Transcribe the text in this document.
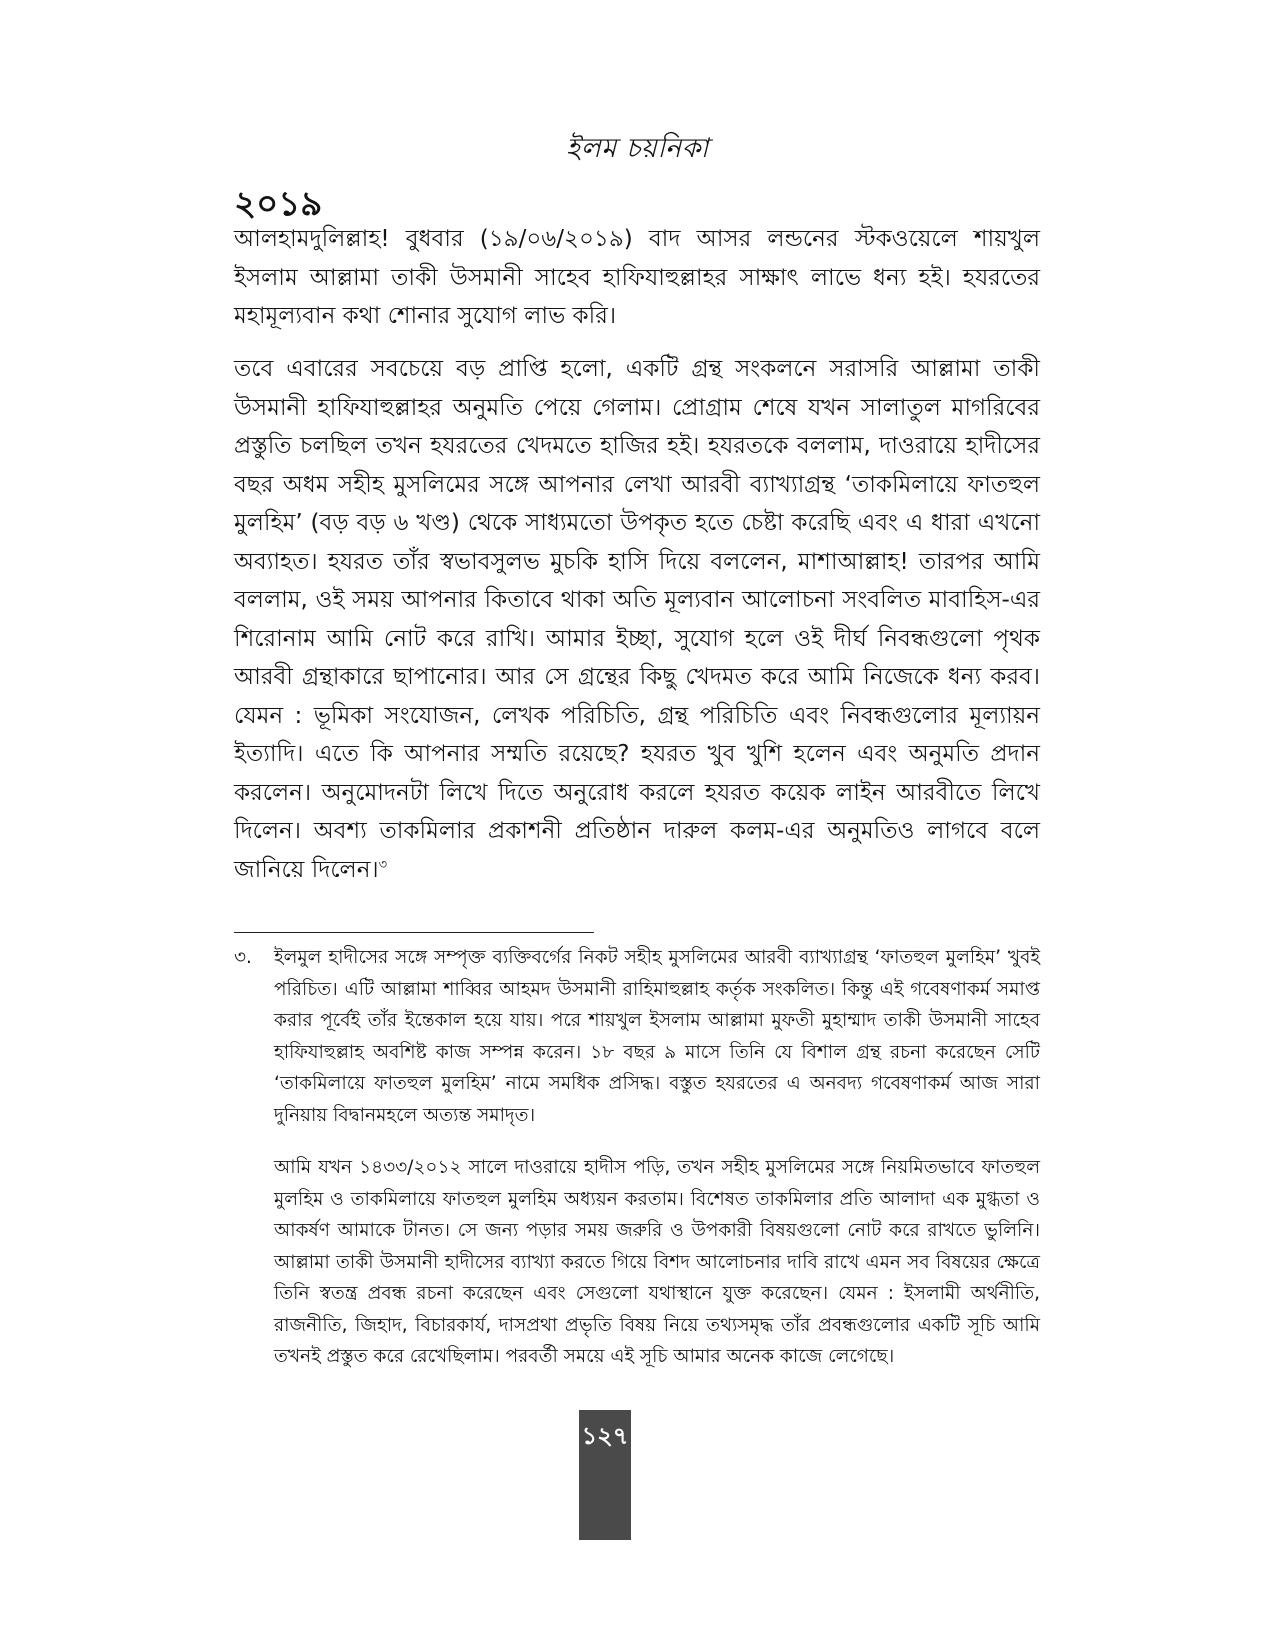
ইলম চয়নিকা
২০১৯

আলহামদুলিল্লাহ! বুধবার (১৯/০৬/২০১৯) বাদ আসর লন্ডনের স্টকওয়েলে শায়খুল ইসলাম আল্লামা তাকী উসমানী সাহেব হাফিযাহুল্লাহর সাক্ষাৎ লাভে ধন্য হই। হযরতের মহামূল্যবান কথা শোনার সুযোগ লাভ করি।

তবে এবারের সবচেয়ে বড় প্রাপ্তি হলো, একটি গ্রন্থ সংকলনে সরাসরি আল্লামা তাকী উসমানী হাফিযাহুল্লাহর অনুমতি পেয়ে গেলাম। প্রোগ্রাম শেষে যখন সালাতুল মাগরিবের প্রস্তুতি চলছিল তখন হযরতের খেদমতে হাজির হই। হযরতকে বললাম, দাওরায়ে হাদীসের বছর অধম সহীহ মুসলিমের সঙ্গে আপনার লেখা আরবী ব্যাখ্যাগ্রন্থ ‘তাকমিলায়ে ফাতহুল মুলহিম’ (বড় বড় ৬ খণ্ড) থেকে সাধ্যমতো উপকৃত হতে চেষ্টা করেছি এবং এ ধারা এখনো অব্যাহত। হযরত তাঁর স্বভাবসুলভ মুচকি হাসি দিয়ে বললেন, মাশাআল্লাহ! তারপর আমি বললাম, ওই সময় আপনার কিতাবে থাকা অতি মূল্যবান আলোচনা সংবলিত মাবাহিস-এর শিরোনাম আমি নোট করে রাখি। আমার ইচ্ছা, সুযোগ হলে ওই দীর্ঘ নিবন্ধগুলো পৃথক আরবী গ্রন্থাকারে ছাপানোর। আর সে গ্রন্থের কিছু খেদমত করে আমি নিজেকে ধন্য করব। যেমন : ভূমিকা সংযোজন, লেখক পরিচিতি, গ্রন্থ পরিচিতি এবং নিবন্ধগুলোর মূল্যায়ন ইত্যাদি। এতে কি আপনার সম্মতি রয়েছে? হযরত খুব খুশি হলেন এবং অনুমতি প্রদান করলেন। অনুমোদনটা লিখে দিতে অনুরোধ করলে হযরত কয়েক লাইন আরবীতে লিখে দিলেন। অবশ্য তাকমিলার প্রকাশনী প্রতিষ্ঠান দারুল কলম-এর অনুমতিও লাগবে বলে জানিয়ে দিলেন।$^৩$

৩. ইলমুল হাদীসের সঙ্গে সম্পৃক্ত ব্যক্তিবর্গের নিকট সহীহ মুসলিমের আরবী ব্যাখ্যাগ্রন্থ ‘ফাতহুল মুলহিম’ খুবই পরিচিত। এটি আল্লামা শাব্বির আহমদ উসমানী রাহিমাহুল্লাহ কর্তৃক সংকলিত। কিন্তু এই গবেষণাকর্ম সমাপ্ত করার পূর্বেই তাঁর ইন্তেকাল হয়ে যায়। পরে শায়খুল ইসলাম আল্লামা মুফতী মুহাম্মাদ তাকী উসমানী সাহেব হাফিযাহুল্লাহ অবশিষ্ট কাজ সম্পন্ন করেন। ১৮ বছর ৯ মাসে তিনি যে বিশাল গ্রন্থ রচনা করেছেন সেটি ‘তাকমিলায়ে ফাতহুল মুলহিম’ নামে সমধিক প্রসিদ্ধ। বস্তুত হযরতের এ অনবদ্য গবেষণাকর্ম আজ সারা দুনিয়ায় বিদ্বানমহলে অত্যন্ত সমাদৃত।
আমি যখন ১৪৩৩/২০১২ সালে দাওরায়ে হাদীস পড়ি, তখন সহীহ মুসলিমের সঙ্গে নিয়মিতভাবে ফাতহুল মুলহিম ও তাকমিলায়ে ফাতহুল মুলহিম অধ্যয়ন করতাম। বিশেষত তাকমিলার প্রতি আলাদা এক মুগ্ধতা ও আকর্ষণ আমাকে টানত। সে জন্য পড়ার সময় জরুরি ও উপকারী বিষয়গুলো নোট করে রাখতে ভুলিনি। আল্লামা তাকী উসমানী হাদীসের ব্যাখ্যা করতে গিয়ে বিশদ আলোচনার দাবি রাখে এমন সব বিষয়ের ক্ষেত্রে তিনি স্বতন্ত্র প্রবন্ধ রচনা করেছেন এবং সেগুলো যথাস্থানে যুক্ত করেছেন। যেমন : ইসলামী অর্থনীতি, রাজনীতি, জিহাদ, বিচারকার্য, দাসপ্রথা প্রভৃতি বিষয় নিয়ে তথ্যসমৃদ্ধ তাঁর প্রবন্ধগুলোর একটি সূচি আমি তখনই প্রস্তুত করে রেখেছিলাম। পরবর্তী সময়ে এই সূচি আমার অনেক কাজে লেগেছে।
১২৭
